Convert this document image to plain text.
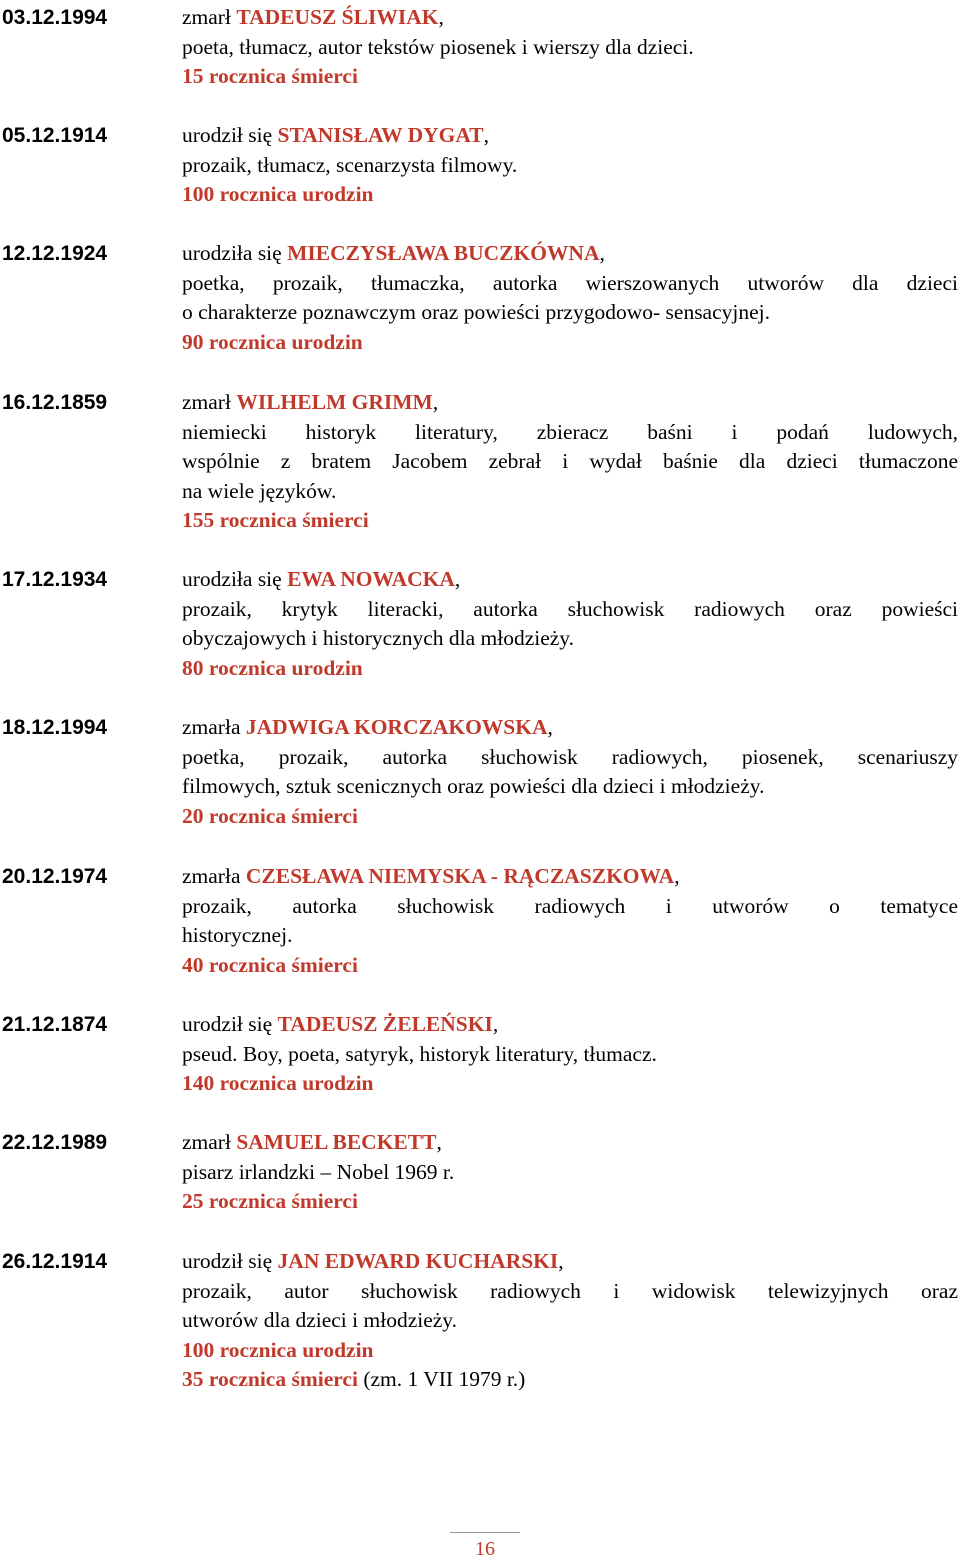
03.12.1994	zmarł TADEUSZ ŚLIWIAK,
poeta, tłumacz, autor tekstów piosenek i wierszy dla dzieci.
15 rocznica śmierci
05.12.1914	urodził się STANISŁAW DYGAT,
prozaik, tłumacz, scenarzysta filmowy.
100 rocznica urodzin
12.12.1924	urodziła się MIECZYSŁAWA BUCZKÓWNA,
poetka, prozaik, tłumaczka, autorka wierszowanych utworów dla dzieci
o charakterze poznawczym oraz powieści przygodowo- sensacyjnej.
90 rocznica urodzin
16.12.1859	zmarł WILHELM GRIMM,
niemiecki historyk literatury, zbieracz baśni i podań ludowych,
wspólnie z bratem Jacobem zebrał i wydał baśnie dla dzieci tłumaczone
na wiele języków.
155 rocznica śmierci
17.12.1934	urodziła się EWA NOWACKA,
prozaik, krytyk literacki, autorka słuchowisk radiowych oraz powieści
obyczajowych i historycznych dla młodzieży.
80 rocznica urodzin
18.12.1994	zmarła JADWIGA KORCZAKOWSKA,
poetka, prozaik, autorka słuchowisk radiowych, piosenek, scenariuszy
filmowych, sztuk scenicznych oraz powieści dla dzieci i młodzieży.
20 rocznica śmierci
20.12.1974	zmarła CZESŁAWA NIEMYSKA - RĄCZASZKOWA,
prozaik, autorka słuchowisk radiowych i utworów o tematyce
historycznej.
40 rocznica śmierci
21.12.1874	urodził się TADEUSZ ŻELEŃSKI,
pseud. Boy, poeta, satyryk, historyk literatury, tłumacz.
140 rocznica urodzin
22.12.1989	zmarł SAMUEL BECKETT,
pisarz irlandzki – Nobel 1969 r.
25 rocznica śmierci
26.12.1914	urodził się JAN EDWARD KUCHARSKI,
prozaik, autor słuchowisk radiowych i widowisk telewizyjnych oraz
utworów dla dzieci i młodzieży.
100 rocznica urodzin
35 rocznica śmierci (zm. 1 VII 1979 r.)
16
